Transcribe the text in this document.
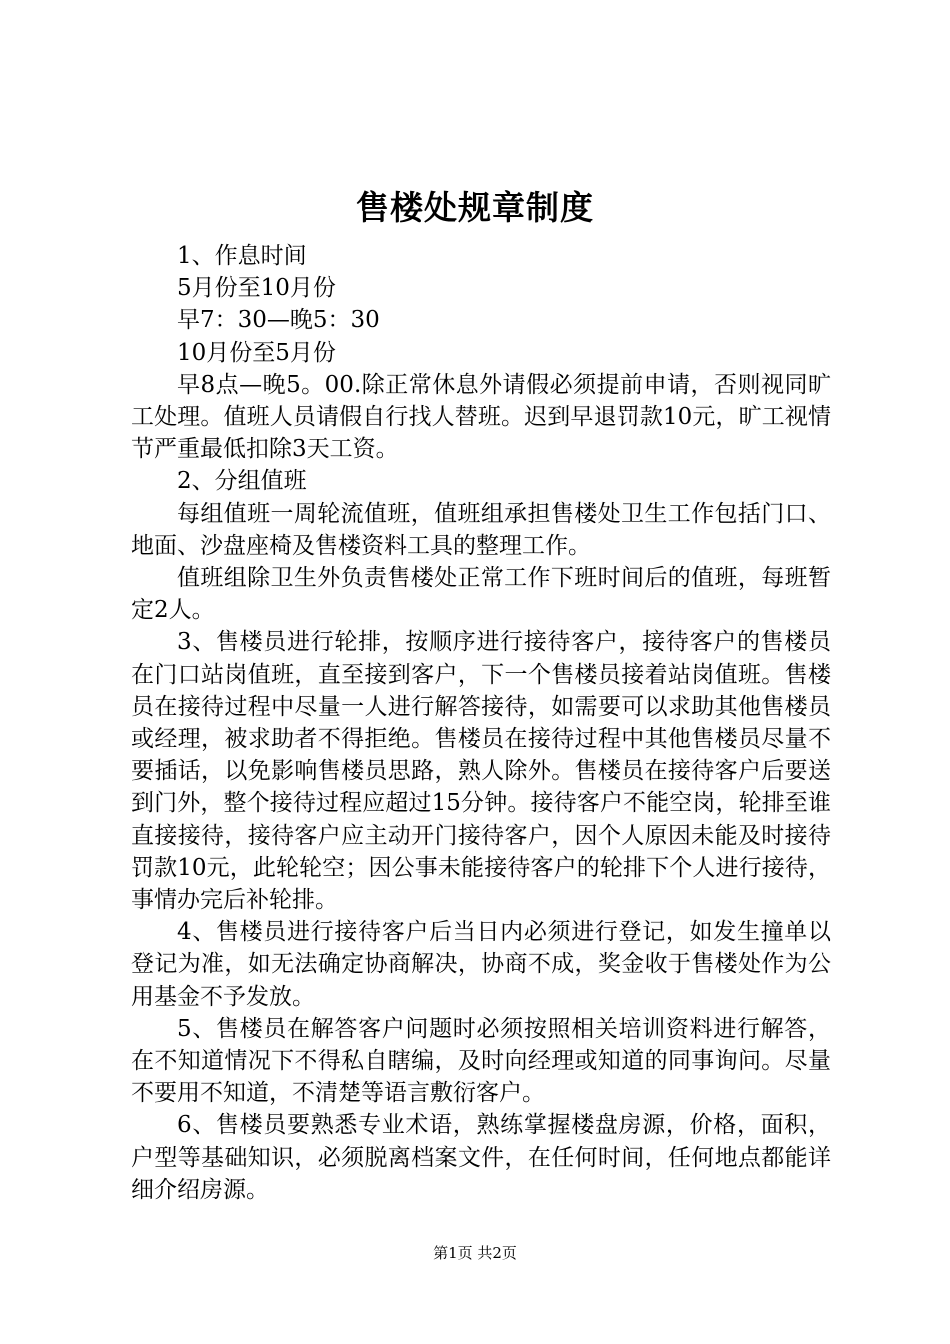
售楼处规章制度

1、作息时间

5月份至10月份

早7：30—晚5：30

10月份至5月份

早8点—晚5。00.除正常休息外请假必须提前申请，否则视同旷工处理。值班人员请假自行找人替班。迟到早退罚款10元，旷工视情节严重最低扣除3天工资。

2、分组值班

每组值班一周轮流值班，值班组承担售楼处卫生工作包括门口、地面、沙盘座椅及售楼资料工具的整理工作。

值班组除卫生外负责售楼处正常工作下班时间后的值班，每班暂定2人。

3、售楼员进行轮排，按顺序进行接待客户，接待客户的售楼员在门口站岗值班，直至接到客户，下一个售楼员接着站岗值班。售楼员在接待过程中尽量一人进行解答接待，如需要可以求助其他售楼员或经理，被求助者不得拒绝。售楼员在接待过程中其他售楼员尽量不要插话，以免影响售楼员思路，熟人除外。售楼员在接待客户后要送到门外，整个接待过程应超过15分钟。接待客户不能空岗，轮排至谁直接接待，接待客户应主动开门接待客户，因个人原因未能及时接待罚款10元，此轮轮空；因公事未能接待客户的轮排下个人进行接待，事情办完后补轮排。

4、售楼员进行接待客户后当日内必须进行登记，如发生撞单以登记为准，如无法确定协商解决，协商不成，奖金收于售楼处作为公用基金不予发放。

5、售楼员在解答客户问题时必须按照相关培训资料进行解答，在不知道情况下不得私自瞎编，及时向经理或知道的同事询问。尽量不要用不知道，不清楚等语言敷衍客户。

6、售楼员要熟悉专业术语，熟练掌握楼盘房源，价格，面积，户型等基础知识，必须脱离档案文件，在任何时间，任何地点都能详细介绍房源。

第1页 共2页
